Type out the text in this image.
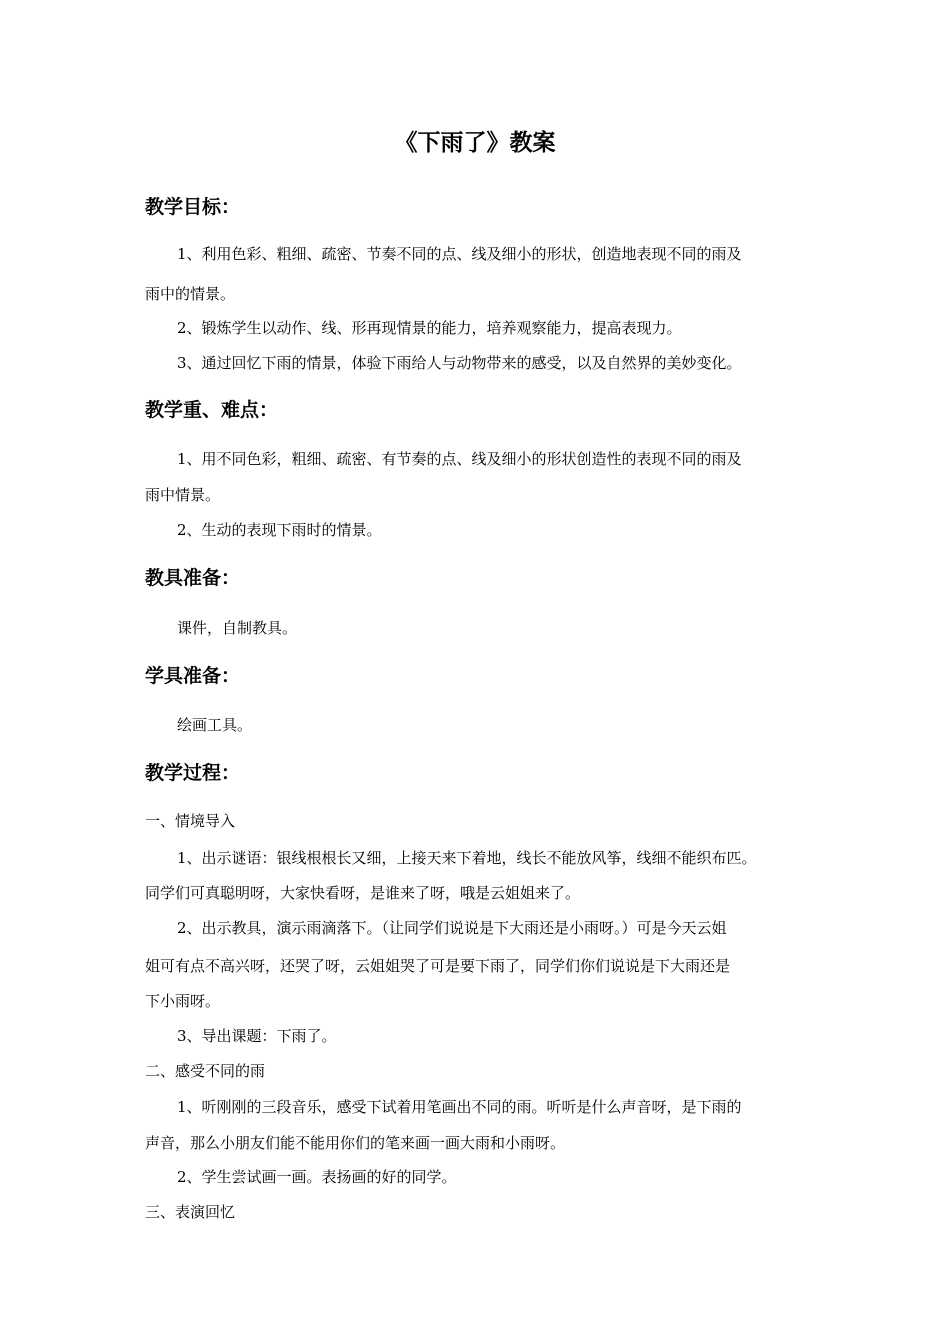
《下雨了》教案
教学目标：

1、利用色彩、粗细、疏密、节奏不同的点、线及细小的形状，创造地表现不同的雨及

雨中的情景。

2、锻炼学生以动作、线、形再现情景的能力，培养观察能力，提高表现力。

3、通过回忆下雨的情景，体验下雨给人与动物带来的感受，以及自然界的美妙变化。

教学重、难点：

1、用不同色彩，粗细、疏密、有节奏的点、线及细小的形状创造性的表现不同的雨及

雨中情景。

2、生动的表现下雨时的情景。

教具准备：

课件，自制教具。

学具准备：

绘画工具。

教学过程：

一、情境导入

1、出示谜语：银线根根长又细，上接天来下着地，线长不能放风筝，线细不能织布匹。

同学们可真聪明呀，大家快看呀，是谁来了呀，哦是云姐姐来了。

2、出示教具，演示雨滴落下。（让同学们说说是下大雨还是小雨呀。）可是今天云姐

姐可有点不高兴呀，还哭了呀，云姐姐哭了可是要下雨了，同学们你们说说是下大雨还是

下小雨呀。

3、导出课题：下雨了。

二、感受不同的雨

1、听刚刚的三段音乐，感受下试着用笔画出不同的雨。听听是什么声音呀，是下雨的

声音，那么小朋友们能不能用你们的笔来画一画大雨和小雨呀。

2、学生尝试画一画。表扬画的好的同学。

三、表演回忆
